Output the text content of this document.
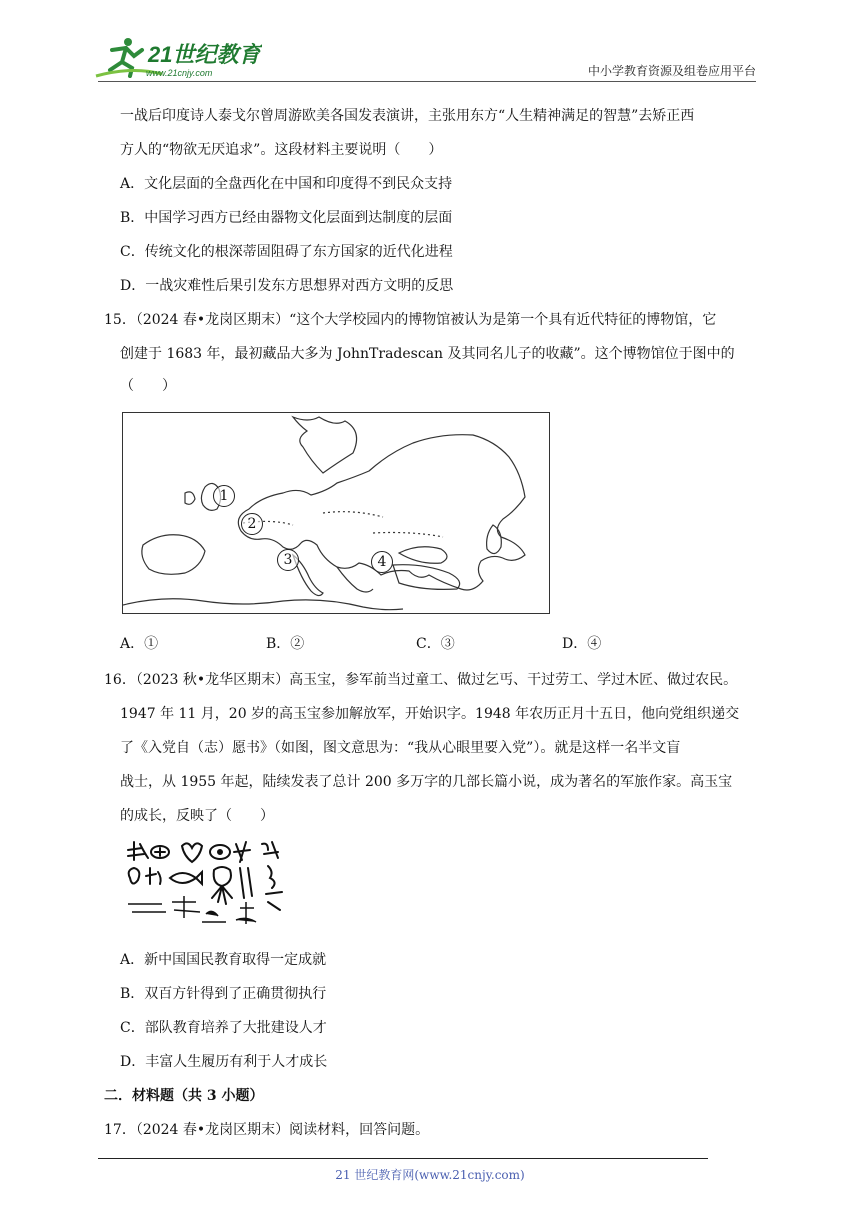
21世纪教育
www.21cnjy.com	中小学教育资源及组卷应用平台
一战后印度诗人泰戈尔曾周游欧美各国发表演讲，主张用东方“人生精神满足的智慧”去矫正西
方人的“物欲无厌追求”。这段材料主要说明（　　）
A．文化层面的全盘西化在中国和印度得不到民众支持
B．中国学习西方已经由器物文化层面到达制度的层面
C．传统文化的根深蒂固阻碍了东方国家的近代化进程
D．一战灾难性后果引发东方思想界对西方文明的反思
15．（2024 春•龙岗区期末）“这个大学校园内的博物馆被认为是第一个具有近代特征的博物馆，它
创建于 1683 年，最初藏品大多为 JohnTradescan 及其同名儿子的收藏”。这个博物馆位于图中的
（　　）
1
2
3	4
A．①	B．②	C．③	D．④
16．（2023 秋•龙华区期末）高玉宝，参军前当过童工、做过乞丐、干过劳工、学过木匠、做过农民。
1947 年 11 月，20 岁的高玉宝参加解放军，开始识字。1948 年农历正月十五日，他向党组织递交
了《入党自（志）愿书》（如图，图文意思为：“我从心眼里要入党”）。就是这样一名半文盲
战士，从 1955 年起，陆续发表了总计 200 多万字的几部长篇小说，成为著名的军旅作家。高玉宝
的成长，反映了（　　）
A．新中国国民教育取得一定成就
B．双百方针得到了正确贯彻执行
C．部队教育培养了大批建设人才
D．丰富人生履历有利于人才成长
二．材料题（共 3 小题）
17．（2024 春•龙岗区期末）阅读材料，回答问题。
21 世纪教育网(www.21cnjy.com)
